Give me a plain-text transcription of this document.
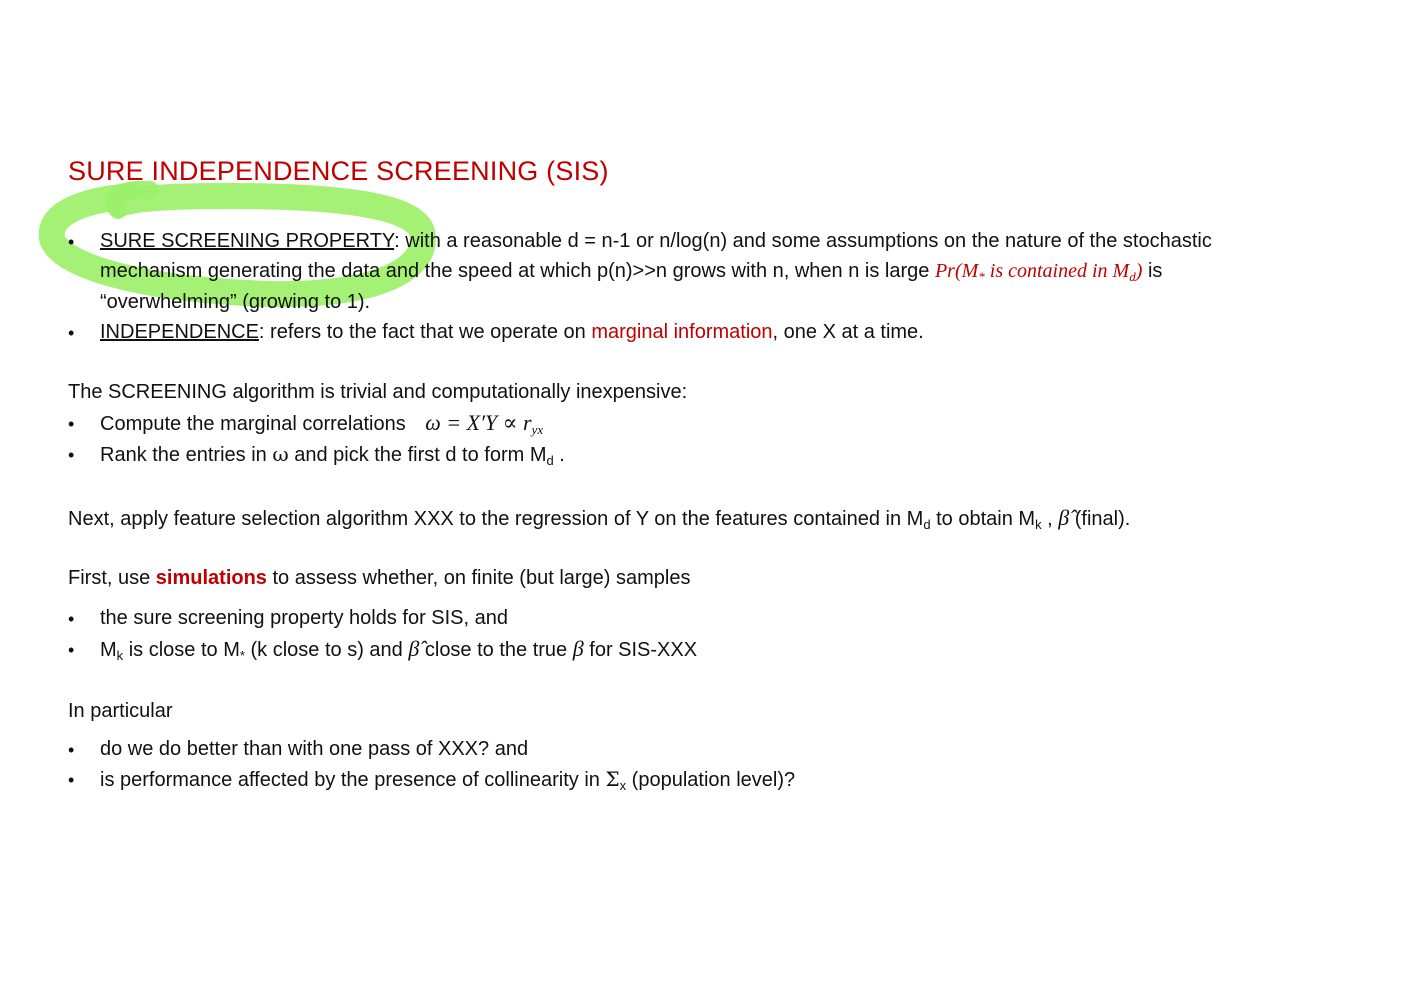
SURE INDEPENDENCE SCREENING (SIS)
• SURE SCREENING PROPERTY: with a reasonable d = n-1 or n/log(n) and some assumptions on the nature of the stochastic
mechanism generating the data and the speed at which p(n)>>n grows with n, when n is large $Pr(M_*$ is contained in $M_d$) is
“overwhelming” (growing to 1).
• INDEPENDENCE: refers to the fact that we operate on marginal information, one X at a time.
The SCREENING algorithm is trivial and computationally inexpensive:
• Compute the marginal correlations $\omega = X'Y \propto r_{yx}$
• Rank the entries in ω and pick the first d to form $M_d$ .
Next, apply feature selection algorithm XXX to the regression of Y on the features contained in $M_d$ to obtain $M_k$ , β̂ (final).
First, use simulations to assess whether, on finite (but large) samples
• the sure screening property holds for SIS, and
• $M_k$ is close to $M_*$ (k close to s) and β̂ close to the true β for SIS-XXX
In particular
• do we do better than with one pass of XXX? and
• is performance affected by the presence of collinearity in $\Sigma_x$ (population level)?
